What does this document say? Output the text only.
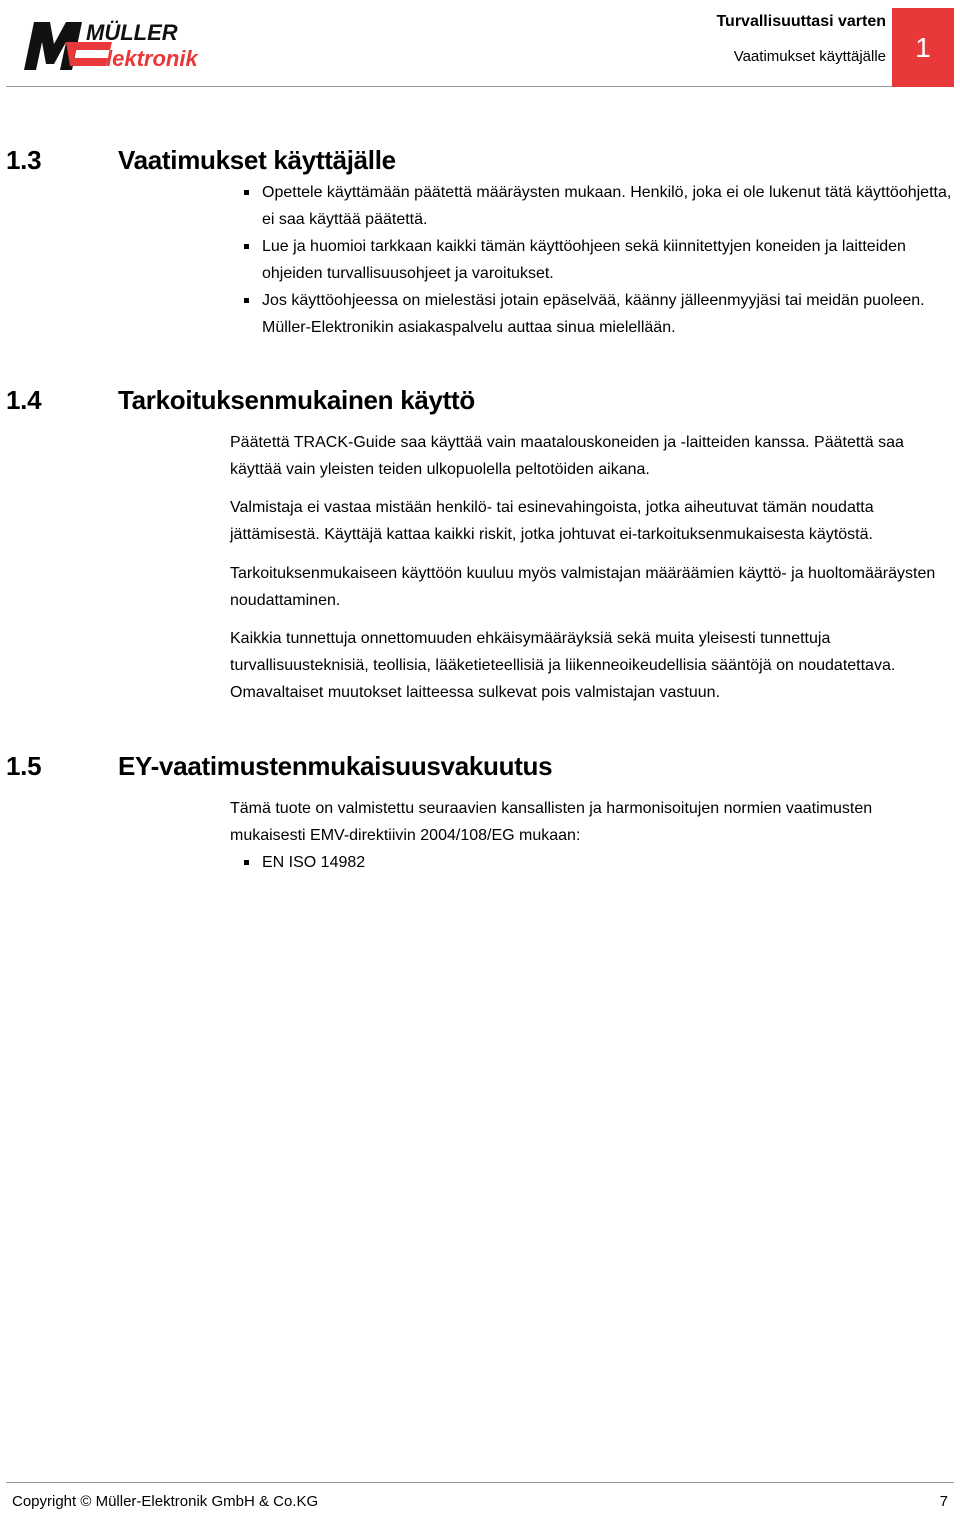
MÜLLER
lektronik
Turvallisuuttasi varten
Vaatimukset käyttäjälle	1
1.3	Vaatimukset käyttäjälle
Opettele käyttämään päätettä määräysten mukaan. Henkilö, joka ei ole lukenut tätä käyttöohjetta, ei saa käyttää päätettä.
Lue ja huomioi tarkkaan kaikki tämän käyttöohjeen sekä kiinnitettyjen koneiden ja laitteiden ohjeiden turvallisuusohjeet ja varoitukset.
Jos käyttöohjeessa on mielestäsi jotain epäselvää, käänny jälleenmyyjäsi tai meidän puoleen. Müller-Elektronikin asiakaspalvelu auttaa sinua mielellään.
1.4	Tarkoituksenmukainen käyttö

Päätettä TRACK-Guide saa käyttää vain maatalouskoneiden ja -laitteiden kanssa. Päätettä saa käyttää vain yleisten teiden ulkopuolella peltotöiden aikana.

Valmistaja ei vastaa mistään henkilö- tai esinevahingoista, jotka aiheutuvat tämän noudatta jättämisestä. Käyttäjä kattaa kaikki riskit, jotka johtuvat ei-tarkoituksenmukaisesta käytöstä.

Tarkoituksenmukaiseen käyttöön kuuluu myös valmistajan määräämien käyttö- ja huoltomääräysten noudattaminen.

Kaikkia tunnettuja onnettomuuden ehkäisymääräyksiä sekä muita yleisesti tunnettuja turvallisuusteknisiä, teollisia, lääketieteellisiä ja liikenneoikeudellisia sääntöjä on noudatettava. Omavaltaiset muutokset laitteessa sulkevat pois valmistajan vastuun.

1.5	EY-vaatimustenmukaisuusvakuutus

Tämä tuote on valmistettu seuraavien kansallisten ja harmonisoitujen normien vaatimusten mukaisesti EMV-direktiivin 2004/108/EG mukaan:

EN ISO 14982
Copyright © Müller-Elektronik GmbH & Co.KG	7
